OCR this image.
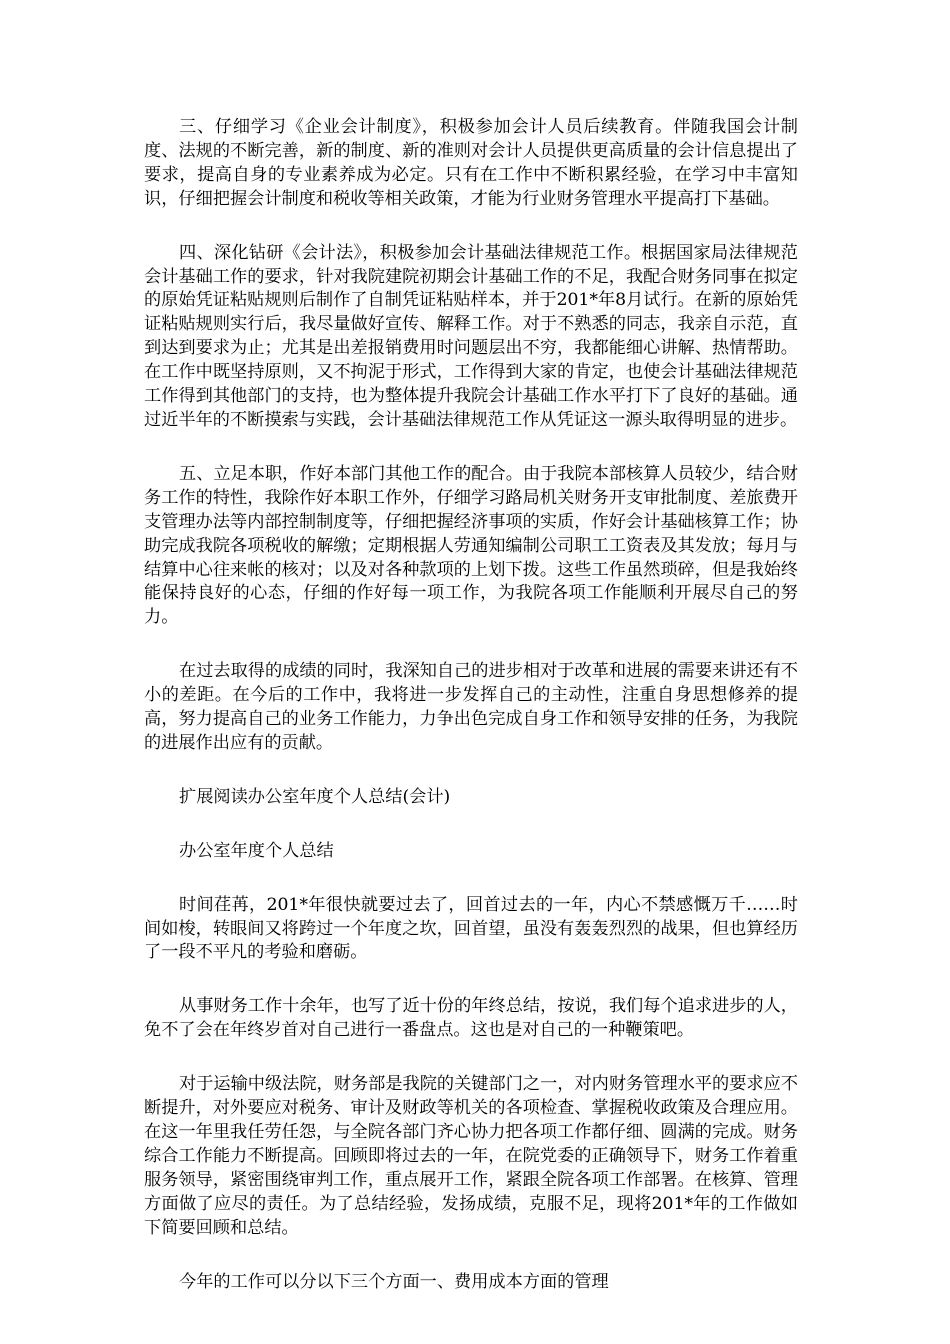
三、仔细学习《企业会计制度》，积极参加会计人员后续教育。伴随我国会计制度、法规的不断完善，新的制度、新的准则对会计人员提供更高质量的会计信息提出了要求，提高自身的专业素养成为必定。只有在工作中不断积累经验，在学习中丰富知识，仔细把握会计制度和税收等相关政策，才能为行业财务管理水平提高打下基础。

四、深化钻研《会计法》，积极参加会计基础法律规范工作。根据国家局法律规范会计基础工作的要求，针对我院建院初期会计基础工作的不足，我配合财务同事在拟定的原始凭证粘贴规则后制作了自制凭证粘贴样本，并于201*年8月试行。在新的原始凭证粘贴规则实行后，我尽量做好宣传、解释工作。对于不熟悉的同志，我亲自示范，直到达到要求为止；尤其是出差报销费用时问题层出不穷，我都能细心讲解、热情帮助。在工作中既坚持原则，又不拘泥于形式，工作得到大家的肯定，也使会计基础法律规范工作得到其他部门的支持，也为整体提升我院会计基础工作水平打下了良好的基础。通过近半年的不断摸索与实践，会计基础法律规范工作从凭证这一源头取得明显的进步。

五、立足本职，作好本部门其他工作的配合。由于我院本部核算人员较少，结合财务工作的特性，我除作好本职工作外，仔细学习路局机关财务开支审批制度、差旅费开支管理办法等内部控制制度等，仔细把握经济事项的实质，作好会计基础核算工作；协助完成我院各项税收的解缴；定期根据人劳通知编制公司职工工资表及其发放；每月与结算中心往来帐的核对；以及对各种款项的上划下拨。这些工作虽然琐碎，但是我始终能保持良好的心态，仔细的作好每一项工作，为我院各项工作能顺利开展尽自己的努力。

在过去取得的成绩的同时，我深知自己的进步相对于改革和进展的需要来讲还有不小的差距。在今后的工作中，我将进一步发挥自己的主动性，注重自身思想修养的提高，努力提高自己的业务工作能力，力争出色完成自身工作和领导安排的任务，为我院的进展作出应有的贡献。

扩展阅读办公室年度个人总结(会计)

办公室年度个人总结

时间荏苒，201*年很快就要过去了，回首过去的一年，内心不禁感慨万千……时间如梭，转眼间又将跨过一个年度之坎，回首望，虽没有轰轰烈烈的战果，但也算经历了一段不平凡的考验和磨砺。

从事财务工作十余年，也写了近十份的年终总结，按说，我们每个追求进步的人，免不了会在年终岁首对自己进行一番盘点。这也是对自己的一种鞭策吧。

对于运输中级法院，财务部是我院的关键部门之一，对内财务管理水平的要求应不断提升，对外要应对税务、审计及财政等机关的各项检查、掌握税收政策及合理应用。在这一年里我任劳任怨，与全院各部门齐心协力把各项工作都仔细、圆满的完成。财务综合工作能力不断提高。回顾即将过去的一年，在院党委的正确领导下，财务工作着重服务领导，紧密围绕审判工作，重点展开工作，紧跟全院各项工作部署。在核算、管理方面做了应尽的责任。为了总结经验，发扬成绩，克服不足，现将201*年的工作做如下简要回顾和总结。

今年的工作可以分以下三个方面一、费用成本方面的管理
